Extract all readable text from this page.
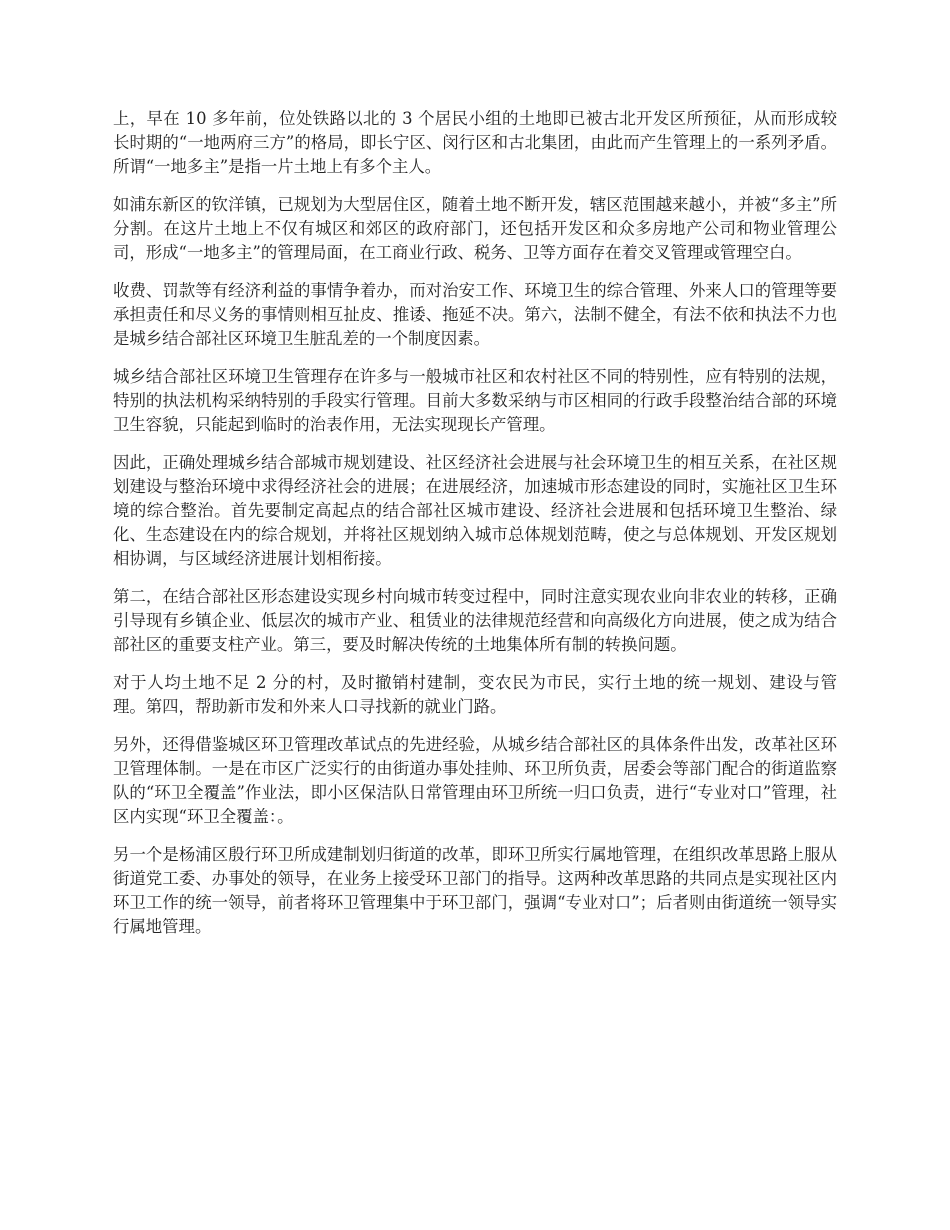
上，早在 10 多年前，位处铁路以北的 3 个居民小组的土地即已被古北开发区所预征，从而形成较长时期的“一地两府三方”的格局，即长宁区、闵行区和古北集团，由此而产生管理上的一系列矛盾。所谓“一地多主”是指一片土地上有多个主人。

如浦东新区的钦洋镇，已规划为大型居住区，随着土地不断开发，辖区范围越来越小，并被“多主”所分割。在这片土地上不仅有城区和郊区的政府部门，还包括开发区和众多房地产公司和物业管理公司，形成“一地多主”的管理局面，在工商业行政、税务、卫等方面存在着交叉管理或管理空白。

收费、罚款等有经济利益的事情争着办，而对治安工作、环境卫生的综合管理、外来人口的管理等要承担责任和尽义务的事情则相互扯皮、推诿、拖延不决。第六，法制不健全，有法不依和执法不力也是城乡结合部社区环境卫生脏乱差的一个制度因素。

城乡结合部社区环境卫生管理存在许多与一般城市社区和农村社区不同的特别性，应有特别的法规，特别的执法机构采纳特别的手段实行管理。目前大多数采纳与市区相同的行政手段整治结合部的环境卫生容貌，只能起到临时的治表作用，无法实现现长产管理。

因此，正确处理城乡结合部城市规划建设、社区经济社会进展与社会环境卫生的相互关系，在社区规划建设与整治环境中求得经济社会的进展；在进展经济，加速城市形态建设的同时，实施社区卫生环境的综合整治。首先要制定高起点的结合部社区城市建设、经济社会进展和包括环境卫生整治、绿化、生态建设在内的综合规划，并将社区规划纳入城市总体规划范畴，使之与总体规划、开发区规划相协调，与区域经济进展计划相衔接。

第二，在结合部社区形态建设实现乡村向城市转变过程中，同时注意实现农业向非农业的转移，正确引导现有乡镇企业、低层次的城市产业、租赁业的法律规范经营和向高级化方向进展，使之成为结合部社区的重要支柱产业。第三，要及时解决传统的土地集体所有制的转换问题。

对于人均土地不足 2 分的村，及时撤销村建制，变农民为市民，实行土地的统一规划、建设与管理。第四，帮助新市发和外来人口寻找新的就业门路。

另外，还得借鉴城区环卫管理改革试点的先进经验，从城乡结合部社区的具体条件出发，改革社区环卫管理体制。一是在市区广泛实行的由街道办事处挂帅、环卫所负责，居委会等部门配合的街道监察队的“环卫全覆盖”作业法，即小区保洁队日常管理由环卫所统一归口负责，进行“专业对口”管理，社区内实现“环卫全覆盖：。

另一个是杨浦区殷行环卫所成建制划归街道的改革，即环卫所实行属地管理，在组织改革思路上服从街道党工委、办事处的领导，在业务上接受环卫部门的指导。这两种改革思路的共同点是实现社区内环卫工作的统一领导，前者将环卫管理集中于环卫部门，强调“专业对口”；后者则由街道统一领导实行属地管理。
